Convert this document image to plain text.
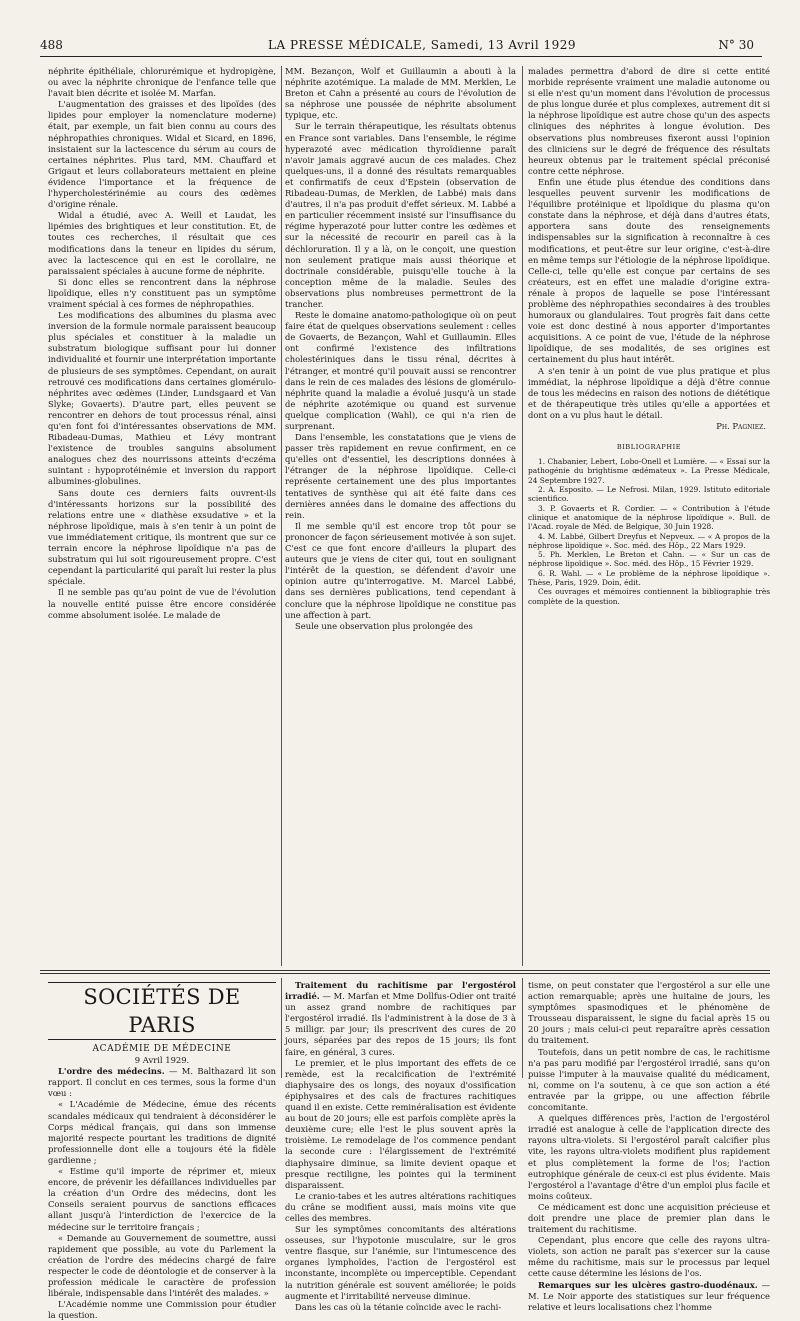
488	LA PRESSE MÉDICALE, Samedi, 13 Avril 1929	N° 30

néphrite épithéliale, chlorurémique et hydropigène, ou avec la néphrite chronique de l'enfance telle que l'avait bien décrite et isolée M. Marfan.

L'augmentation des graisses et des lipoïdes (des lipides pour employer la nomenclature moderne) était, par exemple, un fait bien connu au cours des néphropathies chroniques. Widal et Sicard, en 1896, insistaient sur la lactescence du sérum au cours de certaines néphrites. Plus tard, MM. Chauffard et Grigaut et leurs collaborateurs mettaient en pleine évidence l'importance et la fréquence de l'hypercholestérinémie au cours des œdèmes d'origine rénale.

Widal a étudié, avec A. Weill et Laudat, les lipémies des brightiques et leur constitution. Et, de toutes ces recherches, il résultait que ces modifications dans la teneur en lipides du sérum, avec la lactescence qui en est le corollaire, ne paraissaient spéciales à aucune forme de néphrite.

Si donc elles se rencontrent dans la néphrose lipoïdique, elles n'y constituent pas un symptôme vraiment spécial à ces formes de néphropathies.

Les modifications des albumines du plasma avec inversion de la formule normale paraissent beaucoup plus spéciales et constituer à la maladie un substratum biologique suffisant pour lui donner individualité et fournir une interprétation importante de plusieurs de ses symptômes. Cependant, on aurait retrouvé ces modifications dans certaines glomérulo-néphrites avec œdèmes (Linder, Lundsgaard et Van Slyke; Govaerts). D'autre part, elles peuvent se rencontrer en dehors de tout processus rénal, ainsi qu'en font foi d'intéressantes observations de MM. Ribadeau-Dumas, Mathieu et Lévy montrant l'existence de troubles sanguins absolument analogues chez des nourrissons atteints d'eczéma suintant : hypoprotéinémie et inversion du rapport albumines-globulines.

Sans doute ces derniers faits ouvrent-ils d'intéressants horizons sur la possibilité des relations entre une « diathèse exsudative » et la néphrose lipoïdique, mais à s'en tenir à un point de vue immédiatement critique, ils montrent que sur ce terrain encore la néphrose lipoïdique n'a pas de substratum qui lui soit rigoureusement propre. C'est cependant la particularité qui paraît lui rester la plus spéciale.

Il ne semble pas qu'au point de vue de l'évolution la nouvelle entité puisse être encore considérée comme absolument isolée. Le malade de

MM. Bezançon, Wolf et Guillaumin a abouti à la néphrite azotémique. La malade de MM. Merklen, Le Breton et Cahn a présenté au cours de l'évolution de sa néphrose une poussée de néphrite absolument typique, etc.

Sur le terrain thérapeutique, les résultats obtenus en France sont variables. Dans l'ensemble, le régime hyperazoté avec médication thyroïdienne paraît n'avoir jamais aggravé aucun de ces malades. Chez quelques-uns, il a donné des résultats remarquables et confirmatifs de ceux d'Epstein (observation de Ribadeau-Dumas, de Merklen, de Labbé) mais dans d'autres, il n'a pas produit d'effet sérieux. M. Labbé a en particulier récemment insisté sur l'insuffisance du régime hyperazoté pour lutter contre les œdèmes et sur la nécessité de recourir en pareil cas à la déchloruration. Il y a là, on le conçoit, une question non seulement pratique mais aussi théorique et doctrinale considérable, puisqu'elle touche à la conception même de la maladie. Seules des observations plus nombreuses permettront de la trancher.

Reste le domaine anatomo-pathologique où on peut faire état de quelques observations seulement : celles de Govaerts, de Bezançon, Wahl et Guillaumin. Elles ont confirmé l'existence des infiltrations cholestériniques dans le tissu rénal, décrites à l'étranger, et montré qu'il pouvait aussi se rencontrer dans le rein de ces malades des lésions de glomérulo-néphrite quand la maladie a évolué jusqu'à un stade de néphrite azotémique ou quand est survenue quelque complication (Wahl), ce qui n'a rien de surprenant.

Dans l'ensemble, les constatations que je viens de passer très rapidement en revue confirment, en ce qu'elles ont d'essentiel, les descriptions données à l'étranger de la néphrose lipoïdique. Celle-ci représente certainement une des plus importantes tentatives de synthèse qui ait été faite dans ces dernières années dans le domaine des affections du rein.

Il me semble qu'il est encore trop tôt pour se prononcer de façon sérieusement motivée à son sujet. C'est ce que font encore d'ailleurs la plupart des auteurs que je viens de citer qui, tout en soulignant l'intérêt de la question, se défendent d'avoir une opinion autre qu'interrogative. M. Marcel Labbé, dans ses dernières publications, tend cependant à conclure que la néphrose lipoïdique ne constitue pas une affection à part.

Seule une observation plus prolongée des

malades permettra d'abord de dire si cette entité morbide représente vraiment une maladie autonome ou si elle n'est qu'un moment dans l'évolution de processus de plus longue durée et plus complexes, autrement dit si la néphrose lipoïdique est autre chose qu'un des aspects cliniques des néphrites à longue évolution. Des observations plus nombreuses fixeront aussi l'opinion des cliniciens sur le degré de fréquence des résultats heureux obtenus par le traitement spécial préconisé contre cette néphrose.

Enfin une étude plus étendue des conditions dans lesquelles peuvent survenir les modifications de l'équilibre protéinique et lipoïdique du plasma qu'on constate dans la néphrose, et déjà dans d'autres états, apportera sans doute des renseignements indispensables sur la signification à reconnaître à ces modifications, et peut-être sur leur origine, c'est-à-dire en même temps sur l'étiologie de la néphrose lipoïdique. Celle-ci, telle qu'elle est conçue par certains de ses créateurs, est en effet une maladie d'origine extra-rénale à propos de laquelle se pose l'intéressant problème des néphropathies secondaires à des troubles humoraux ou glandulaires. Tout progrès fait dans cette voie est donc destiné à nous apporter d'importantes acquisitions. A ce point de vue, l'étude de la néphrose lipoïdique, de ses modalités, de ses origines est certainement du plus haut intérêt.

A s'en tenir à un point de vue plus pratique et plus immédiat, la néphrose lipoïdique a déjà d'être connue de tous les médecins en raison des notions de diététique et de thérapeutique très utiles qu'elle a apportées et dont on a vu plus haut le détail.

Ph. Pagniez.
BIBLIOGRAPHIE
1. Chabanier, Lebert, Lobo-Onell et Lumière. — « Essai sur la pathogénie du brightisme œdémateux ». La Presse Médicale, 24 Septembre 1927.
2. A. Esposito. — Le Nefrosi. Milan, 1929. Istituto editoriale scientifico.
3. P. Govaerts et R. Cordier. — « Contribution à l'étude clinique et anatomique de la néphrose lipoïdique ». Bull. de l'Acad. royale de Méd. de Belgique, 30 Juin 1928.
4. M. Labbé, Gilbert Dreyfus et Nepveux. — « A propos de la néphrose lipoïdique ». Soc. méd. des Hôp., 22 Mars 1929.
5. Ph. Merklen, Le Breton et Cahn. — « Sur un cas de néphrose lipoïdique ». Soc. méd. des Hôp., 15 Février 1929.
6. R. Wahl. — « Le problème de la néphrose lipoïdique ». Thèse, Paris, 1929. Doin, édit.
Ces ouvrages et mémoires contiennent la bibliographie très complète de la question.
SOCIÉTÉS DE PARIS
ACADÉMIE DE MÉDECINE
9 Avril 1929.

L'ordre des médecins. — M. Balthazard lit son rapport. Il conclut en ces termes, sous la forme d'un vœu :

« L'Académie de Médecine, émue des récents scandales médicaux qui tendraient à déconsidérer le Corps médical français, qui dans son immense majorité respecte pourtant les traditions de dignité professionnelle dont elle a toujours été la fidèle gardienne ;

« Estime qu'il importe de réprimer et, mieux encore, de prévenir les défaillances individuelles par la création d'un Ordre des médecins, dont les Conseils seraient pourvus de sanctions efficaces allant jusqu'à l'interdiction de l'exercice de la médecine sur le territoire français ;

« Demande au Gouvernement de soumettre, aussi rapidement que possible, au vote du Parlement la création de l'ordre des médecins chargé de faire respecter le code de déontologie et de conserver à la profession médicale le caractère de profession libérale, indispensable dans l'intérêt des malades. »

L'Académie nomme une Commission pour étudier la question.

Traitement du rachitisme par l'ergostérol irradié. — M. Marfan et Mme Dollfus-Odier ont traité un assez grand nombre de rachitiques par l'ergostérol irradié. Ils l'administrent à la dose de 3 à 5 milligr. par jour; ils prescrivent des cures de 20 jours, séparées par des repos de 15 jours; ils font faire, en général, 3 cures.

Le premier, et le plus important des effets de ce remède, est la recalcification de l'extrémité diaphysaire des os longs, des noyaux d'ossification épiphysaires et des cals de fractures rachitiques quand il en existe. Cette reminéralisation est évidente au bout de 20 jours; elle est parfois complète après la deuxième cure; elle l'est le plus souvent après la troisième. Le remodelage de l'os commence pendant la seconde cure : l'élargissement de l'extrémité diaphysaire diminue, sa limite devient opaque et presque rectiligne, les pointes qui la terminent disparaissent.

Le cranio-tabes et les autres altérations rachitiques du crâne se modifient aussi, mais moins vite que celles des membres.

Sur les symptômes concomitants des altérations osseuses, sur l'hypotonie musculaire, sur le gros ventre flasque, sur l'anémie, sur l'intumescence des organes lymphoïdes, l'action de l'ergostérol est inconstante, incomplète ou imperceptible. Cependant la nutrition générale est souvent améliorée; le poids augmente et l'irritabilité nerveuse diminue.

Dans les cas où la tétanie coïncide avec le rachi-

tisme, on peut constater que l'ergostérol a sur elle une action remarquable; après une huitaine de jours, les symptômes spasmodiques et le phénomène de Trousseau disparaissent, le signe du facial après 15 ou 20 jours ; mais celui-ci peut reparaître après cessation du traitement.

Toutefois, dans un petit nombre de cas, le rachitisme n'a pas paru modifié par l'ergostérol irradié, sans qu'on puisse l'imputer à la mauvaise qualité du médicament, ni, comme on l'a soutenu, à ce que son action a été entravée par la grippe, ou une affection fébrile concomitante.

A quelques différences près, l'action de l'ergostérol irradié est analogue à celle de l'application directe des rayons ultra-violets. Si l'ergostérol paraît calcifier plus vite, les rayons ultra-violets modifient plus rapidement et plus complètement la forme de l'os; l'action eutrophique générale de ceux-ci est plus évidente. Mais l'ergostérol a l'avantage d'être d'un emploi plus facile et moins coûteux.

Ce médicament est donc une acquisition précieuse et doit prendre une place de premier plan dans le traitement du rachitisme.

Cependant, plus encore que celle des rayons ultra-violets, son action ne paraît pas s'exercer sur la cause même du rachitisme, mais sur le processus par lequel cette cause détermine les lésions de l'os.

Remarques sur les ulcères gastro-duodénaux. — M. Le Noir apporte des statistiques sur leur fréquence relative et leurs localisations chez l'homme
